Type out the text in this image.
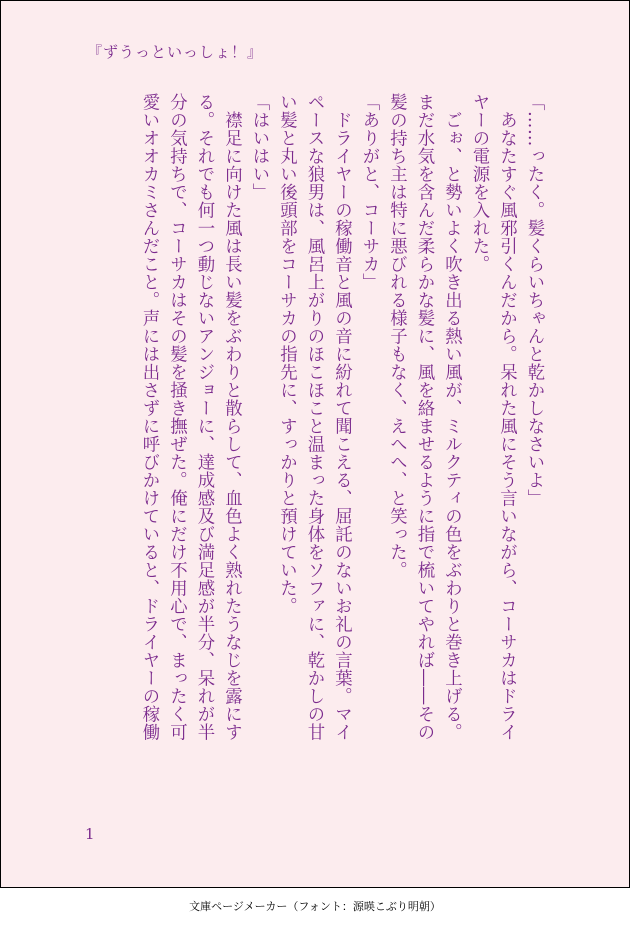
『ずうっといっしょ！』
「……ったく。髪くらいちゃんと乾かしなさいよ」
　あなたすぐ風邪引くんだから。呆れた風にそう言いながら、コーサカはドライ
ヤーの電源を入れた。
　ごぉ、と勢いよく吹き出る熱い風が、ミルクティの色をぶわりと巻き上げる。
まだ水気を含んだ柔らかな髪に、風を絡ませるように指で梳いてやれば――その
髪の持ち主は特に悪びれる様子もなく、えへへ、と笑った。
「ありがと、コーサカ」
　ドライヤーの稼働音と風の音に紛れて聞こえる、屈託のないお礼の言葉。マイ
ペースな狼男は、風呂上がりのほこほこと温まった身体をソファに、乾かしの甘
い髪と丸い後頭部をコーサカの指先に、すっかりと預けていた。
「はいはい」
　襟足に向けた風は長い髪をぶわりと散らして、血色よく熟れたうなじを露にす
る。それでも何一つ動じないアンジョーに、達成感及び満足感が半分、呆れが半
分の気持ちで、コーサカはその髪を掻き撫ぜた。俺にだけ不用心で、まったく可
愛いオオカミさんだこと。声には出さずに呼びかけていると、ドライヤーの稼働
1
文庫ページメーカー（フォント：源暎こぶり明朝）
